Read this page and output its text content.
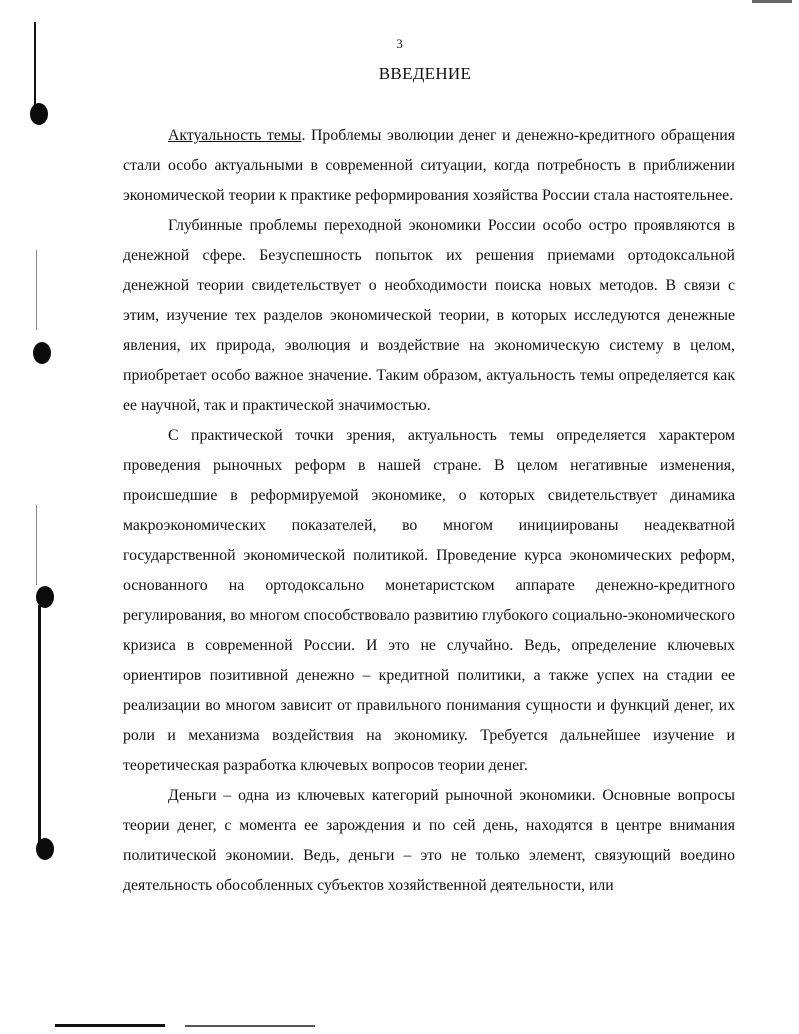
3
ВВЕДЕНИЕ

Актуальность темы. Проблемы эволюции денег и денежно-кредитного обращения стали особо актуальными в современной ситуации, когда потребность в приближении экономической теории к практике реформирования хозяйства России стала настоятельнее.

Глубинные проблемы переходной экономики России особо остро проявляются в денежной сфере. Безуспешность попыток их решения приемами ортодоксальной денежной теории свидетельствует о необходимости поиска новых методов. В связи с этим, изучение тех разделов экономической теории, в которых исследуются денежные явления, их природа, эволюция и воздействие на экономическую систему в целом, приобретает особо важное значение. Таким образом, актуальность темы определяется как ее научной, так и практической значимостью.

С практической точки зрения, актуальность темы определяется характером проведения рыночных реформ в нашей стране. В целом негативные изменения, происшедшие в реформируемой экономике, о которых свидетельствует динамика макроэкономических показателей, во многом инициированы неадекватной государственной экономической политикой. Проведение курса экономических реформ, основанного на ортодоксально монетаристском аппарате денежно-кредитного регулирования, во многом способствовало развитию глубокого социально-экономического кризиса в современной России. И это не случайно. Ведь, определение ключевых ориентиров позитивной денежно – кредитной политики, а также успех на стадии ее реализации во многом зависит от правильного понимания сущности и функций денег, их роли и механизма воздействия на экономику. Требуется дальнейшее изучение и теоретическая разработка ключевых вопросов теории денег.

Деньги – одна из ключевых категорий рыночной экономики. Основные вопросы теории денег, с момента ее зарождения и по сей день, находятся в центре внимания политической экономии. Ведь, деньги – это не только элемент, связующий воедино деятельность обособленных субъектов хозяйственной деятельности, или
